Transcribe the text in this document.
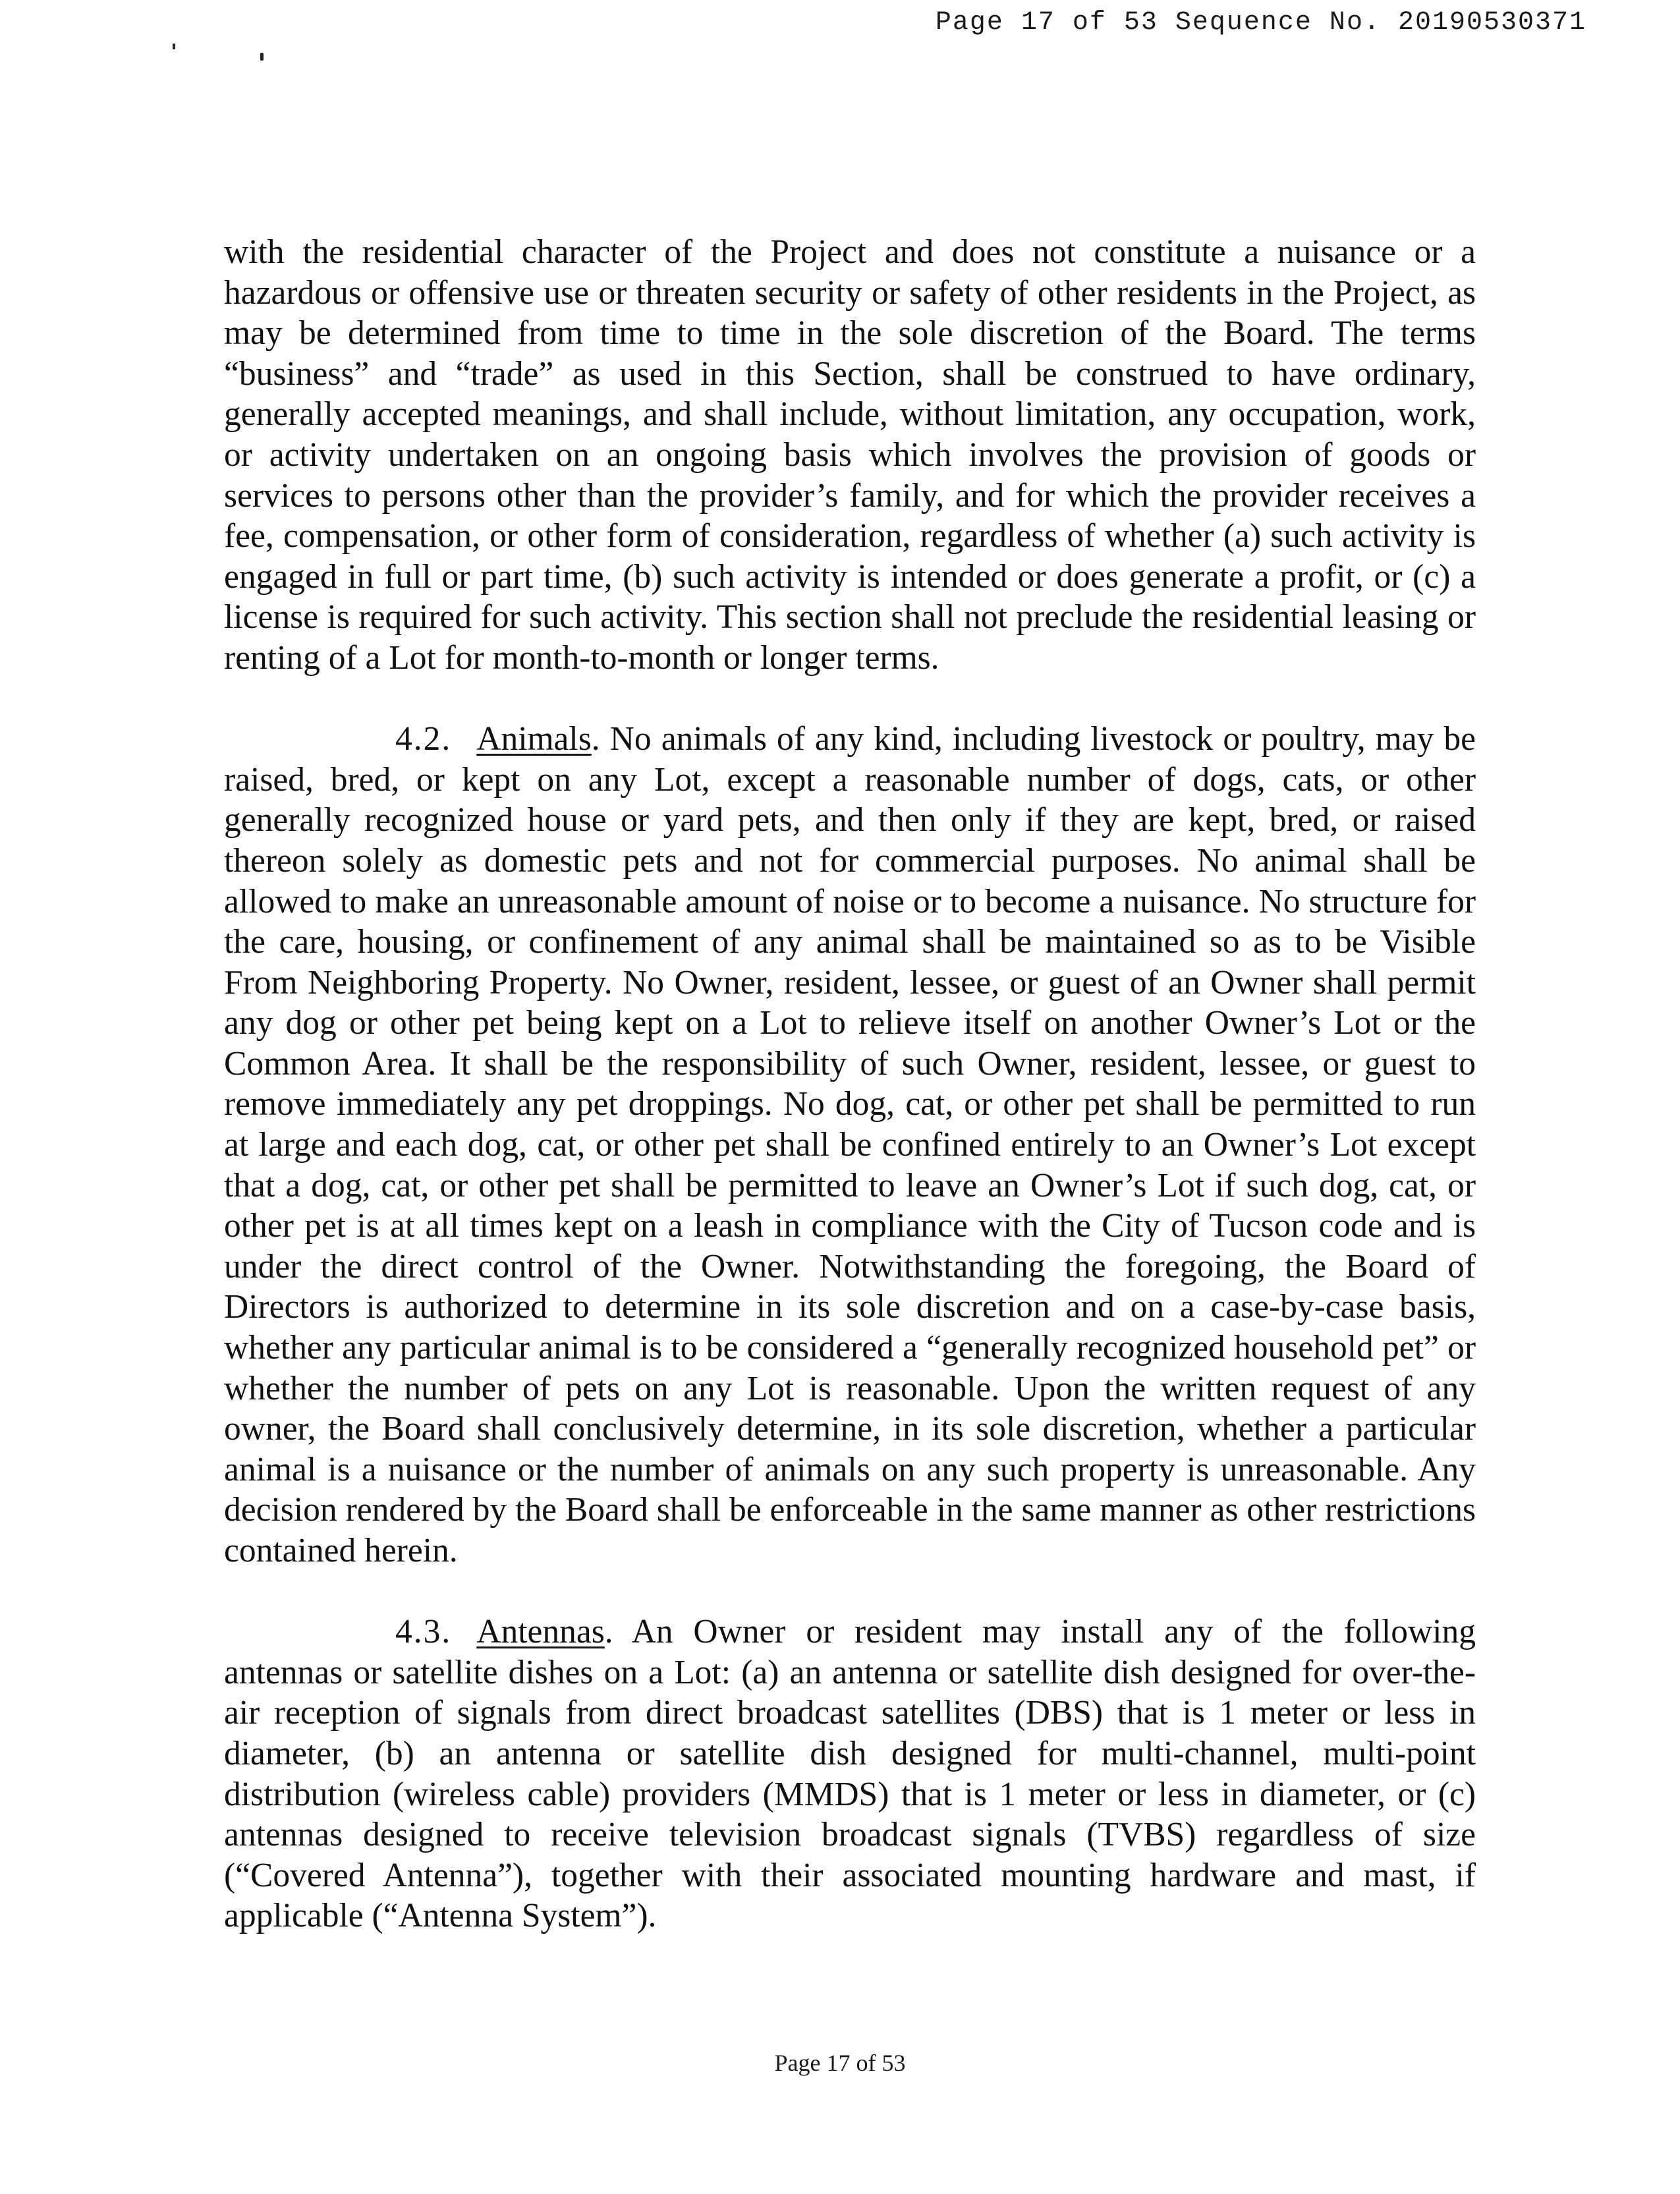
Page 17 of 53 Sequence No. 20190530371

with the residential character of the Project and does not constitute a nuisance or a hazardous or offensive use or threaten security or safety of other residents in the Project, as may be determined from time to time in the sole discretion of the Board. The terms “business” and “trade” as used in this Section, shall be construed to have ordinary, generally accepted meanings, and shall include, without limitation, any occupation, work, or activity undertaken on an ongoing basis which involves the provision of goods or services to persons other than the provider’s family, and for which the provider receives a fee, compensation, or other form of consideration, regardless of whether (a) such activity is engaged in full or part time, (b) such activity is intended or does generate a profit, or (c) a license is required for such activity. This section shall not preclude the residential leasing or renting of a Lot for month-to-month or longer terms.

4.2. Animals. No animals of any kind, including livestock or poultry, may be raised, bred, or kept on any Lot, except a reasonable number of dogs, cats, or other generally recognized house or yard pets, and then only if they are kept, bred, or raised thereon solely as domestic pets and not for commercial purposes. No animal shall be allowed to make an unreasonable amount of noise or to become a nuisance. No structure for the care, housing, or confinement of any animal shall be maintained so as to be Visible From Neighboring Property. No Owner, resident, lessee, or guest of an Owner shall permit any dog or other pet being kept on a Lot to relieve itself on another Owner’s Lot or the Common Area. It shall be the responsibility of such Owner, resident, lessee, or guest to remove immediately any pet droppings. No dog, cat, or other pet shall be permitted to run at large and each dog, cat, or other pet shall be confined entirely to an Owner’s Lot except that a dog, cat, or other pet shall be permitted to leave an Owner’s Lot if such dog, cat, or other pet is at all times kept on a leash in compliance with the City of Tucson code and is under the direct control of the Owner. Notwithstanding the foregoing, the Board of Directors is authorized to determine in its sole discretion and on a case-by-case basis, whether any particular animal is to be considered a “generally recognized household pet” or whether the number of pets on any Lot is reasonable. Upon the written request of any owner, the Board shall conclusively determine, in its sole discretion, whether a particular animal is a nuisance or the number of animals on any such property is unreasonable. Any decision rendered by the Board shall be enforceable in the same manner as other restrictions contained herein.

4.3. Antennas. An Owner or resident may install any of the following antennas or satellite dishes on a Lot: (a) an antenna or satellite dish designed for over-the-air reception of signals from direct broadcast satellites (DBS) that is 1 meter or less in diameter, (b) an antenna or satellite dish designed for multi-channel, multi-point distribution (wireless cable) providers (MMDS) that is 1 meter or less in diameter, or (c) antennas designed to receive television broadcast signals (TVBS) regardless of size (“Covered Antenna”), together with their associated mounting hardware and mast, if applicable (“Antenna System”).

Page 17 of 53
